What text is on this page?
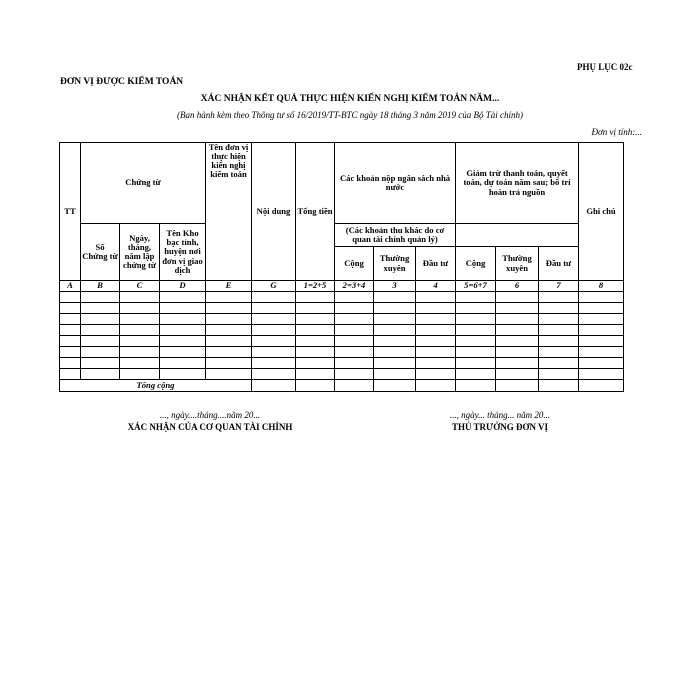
PHỤ LỤC 02c
ĐƠN VỊ ĐƯỢC KIỂM TOÁN
XÁC NHẬN KẾT QUẢ THỰC HIỆN KIẾN NGHỊ KIỂM TOÁN NĂM...
(Ban hành kèm theo Thông tư số 16/2019/TT-BTC ngày 18 tháng 3 năm 2019 của Bộ Tài chính)
Đơn vị tính:...
TT	Chứng từ			Tên đơn vị thực hiện kiến nghị kiểm toán	Nội dung	Tổng tiền	Các khoản nộp ngân sách nhà nước			Giảm trừ thanh toán, quyết toán, dự toán năm sau; bố trí hoàn trả nguồn			Ghi chú
	Số Chứng từ	Ngày, tháng, năm lập chứng từ	Tên Kho bạc tỉnh, huyện nơi đơn vị giao dịch				(Các khoản thu khác do cơ quan tài chính quản lý)						
							Cộng	Thường xuyên	Đầu tư	Cộng	Thường xuyên	Đầu tư	
A	B	C	D	E	G	1=2+5	2=3+4	3	4	5=6+7	6	7	8

Tổng cộng													
..., ngày....tháng....năm 20...
XÁC NHẬN CỦA CƠ QUAN TÀI CHÍNH
..., ngày... tháng... năm 20...
THỦ TRƯỞNG ĐƠN VỊ
